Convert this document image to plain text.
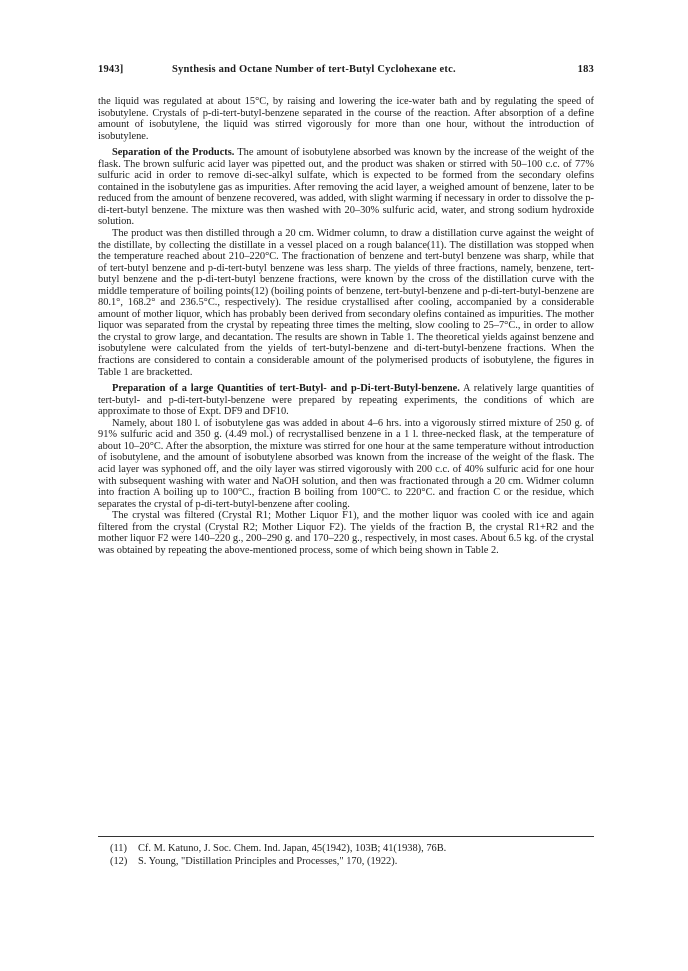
1943]	Synthesis and Octane Number of tert-Butyl Cyclohexane etc.	183

the liquid was regulated at about 15°C, by raising and lowering the ice-water bath and by regulating the speed of isobutylene. Crystals of p-di-tert-butyl-benzene separated in the course of the reaction. After absorption of a define amount of isobutylene, the liquid was stirred vigorously for more than one hour, without the introduction of isobutylene.

Separation of the Products. The amount of isobutylene absorbed was known by the increase of the weight of the flask. The brown sulfuric acid layer was pipetted out, and the product was shaken or stirred with 50–100 c.c. of 77% sulfuric acid in order to remove di-sec-alkyl sulfate, which is expected to be formed from the secondary olefins contained in the isobutylene gas as impurities. After removing the acid layer, a weighed amount of benzene, later to be reduced from the amount of benzene recovered, was added, with slight warming if necessary in order to dissolve the p-di-tert-butyl benzene. The mixture was then washed with 20–30% sulfuric acid, water, and strong sodium hydroxide solution.

The product was then distilled through a 20 cm. Widmer column, to draw a distillation curve against the weight of the distillate, by collecting the distillate in a vessel placed on a rough balance(11). The distillation was stopped when the temperature reached about 210–220°C. The fractionation of benzene and tert-butyl benzene was sharp, while that of tert-butyl benzene and p-di-tert-butyl benzene was less sharp. The yields of three fractions, namely, benzene, tert-butyl benzene and the p-di-tert-butyl benzene fractions, were known by the cross of the distillation curve with the middle temperature of boiling points(12) (boiling points of benzene, tert-butyl-benzene and p-di-tert-butyl-benzene are 80.1°, 168.2° and 236.5°C., respectively). The residue crystallised after cooling, accompanied by a considerable amount of mother liquor, which has probably been derived from secondary olefins contained as impurities. The mother liquor was separated from the crystal by repeating three times the melting, slow cooling to 25–7°C., in order to allow the crystal to grow large, and decantation. The results are shown in Table 1. The theoretical yields against benzene and isobutylene were calculated from the yields of tert-butyl-benzene and di-tert-butyl-benzene fractions. When the fractions are considered to contain a considerable amount of the polymerised products of isobutylene, the figures in Table 1 are bracketted.

Preparation of a large Quantities of tert-Butyl- and p-Di-tert-Butyl-benzene. A relatively large quantities of tert-butyl- and p-di-tert-butyl-benzene were prepared by repeating experiments, the conditions of which are approximate to those of Expt. DF9 and DF10.

Namely, about 180 l. of isobutylene gas was added in about 4–6 hrs. into a vigorously stirred mixture of 250 g. of 91% sulfuric acid and 350 g. (4.49 mol.) of recrystallised benzene in a 1 l. three-necked flask, at the temperature of about 10–20°C. After the absorption, the mixture was stirred for one hour at the same temperature without introduction of isobutylene, and the amount of isobutylene absorbed was known from the increase of the weight of the flask. The acid layer was syphoned off, and the oily layer was stirred vigorously with 200 c.c. of 40% sulfuric acid for one hour with subsequent washing with water and NaOH solution, and then was fractionated through a 20 cm. Widmer column into fraction A boiling up to 100°C., fraction B boiling from 100°C. to 220°C. and fraction C or the residue, which separates the crystal of p-di-tert-butyl-benzene after cooling.

The crystal was filtered (Crystal R1; Mother Liquor F1), and the mother liquor was cooled with ice and again filtered from the crystal (Crystal R2; Mother Liquor F2). The yields of the fraction B, the crystal R1+R2 and the mother liquor F2 were 140–220 g., 200–290 g. and 170–220 g., respectively, in most cases. About 6.5 kg. of the crystal was obtained by repeating the above-mentioned process, some of which being shown in Table 2.

(11) Cf. M. Katuno, J. Soc. Chem. Ind. Japan, 45(1942), 103B; 41(1938), 76B.
(12) S. Young, "Distillation Principles and Processes," 170, (1922).
